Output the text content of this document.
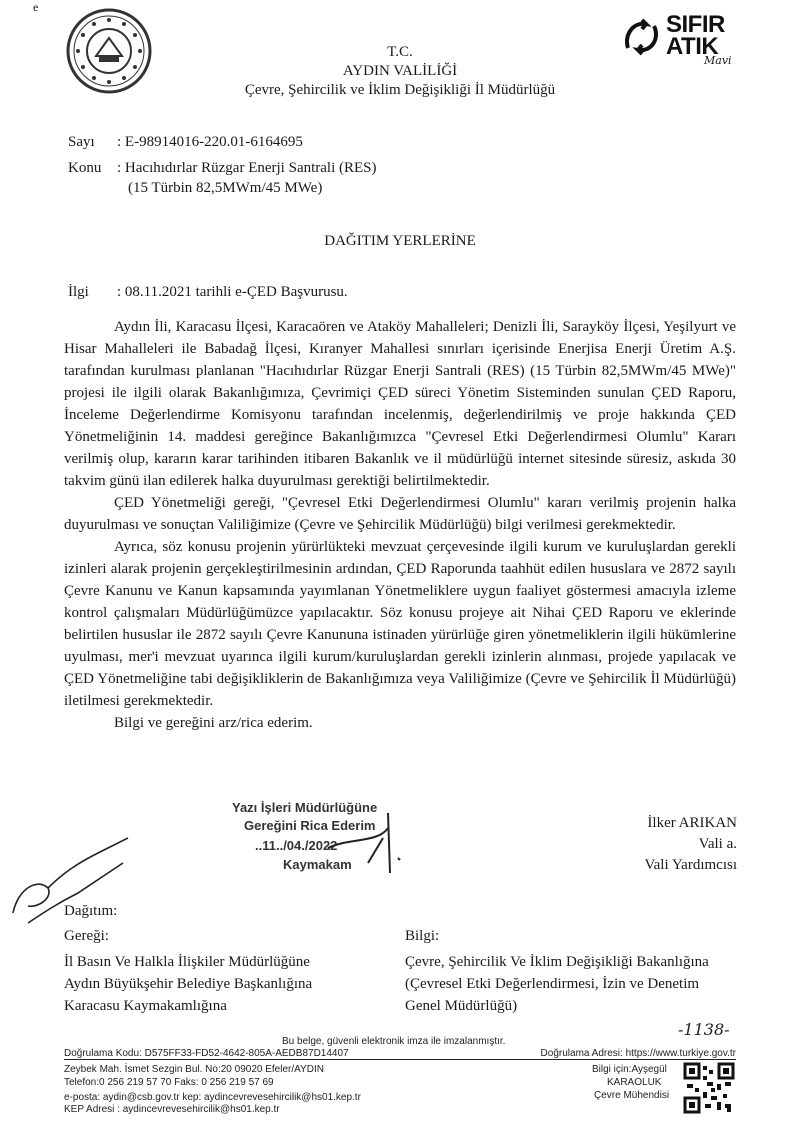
e
SIFIR
ATIK
Mavi
T.C.
AYDIN VALİLİĞİ
Çevre, Şehircilik ve İklim Değişikliği İl Müdürlüğü
Sayı : E-98914016-220.01-6164695
Konu : Hacıhıdırlar Rüzgar Enerji Santrali (RES)
(15 Türbin 82,5MWm/45 MWe)
DAĞITIM YERLERİNE
İlgi : 08.11.2021 tarihli e-ÇED Başvurusu.

Aydın İli, Karacasu İlçesi, Karacaören ve Ataköy Mahalleleri; Denizli İli, Sarayköy İlçesi, Yeşilyurt ve Hisar Mahalleleri ile Babadağ İlçesi, Kıranyer Mahallesi sınırları içerisinde Enerjisa Enerji Üretim A.Ş. tarafından kurulması planlanan "Hacıhıdırlar Rüzgar Enerji Santrali (RES) (15 Türbin 82,5MWm/45 MWe)" projesi ile ilgili olarak Bakanlığımıza, Çevrimiçi ÇED süreci Yönetim Sisteminden sunulan ÇED Raporu, İnceleme Değerlendirme Komisyonu tarafından incelenmiş, değerlendirilmiş ve proje hakkında ÇED Yönetmeliğinin 14. maddesi gereğince Bakanlığımızca "Çevresel Etki Değerlendirmesi Olumlu" Kararı verilmiş olup, kararın karar tarihinden itibaren Bakanlık ve il müdürlüğü internet sitesinde süresiz, askıda 30 takvim günü ilan edilerek halka duyurulması gerektiği belirtilmektedir.

ÇED Yönetmeliği gereği, "Çevresel Etki Değerlendirmesi Olumlu" kararı verilmiş projenin halka duyurulması ve sonuçtan Valiliğimize (Çevre ve Şehircilik Müdürlüğü) bilgi verilmesi gerekmektedir.

Ayrıca, söz konusu projenin yürürlükteki mevzuat çerçevesinde ilgili kurum ve kuruluşlardan gerekli izinleri alarak projenin gerçekleştirilmesinin ardından, ÇED Raporunda taahhüt edilen hususlara ve 2872 sayılı Çevre Kanunu ve Kanun kapsamında yayımlanan Yönetmeliklere uygun faaliyet göstermesi amacıyla izleme kontrol çalışmaları Müdürlüğümüzce yapılacaktır. Söz konusu projeye ait Nihai ÇED Raporu ve eklerinde belirtilen hususlar ile 2872 sayılı Çevre Kanununa istinaden yürürlüğe giren yönetmeliklerin ilgili hükümlerine uyulması, mer'i mevzuat uyarınca ilgili kurum/kuruluşlardan gerekli izinlerin alınması, projede yapılacak ve ÇED Yönetmeliğine tabi değişikliklerin de Bakanlığımıza veya Valiliğimize (Çevre ve Şehircilik İl Müdürlüğü) iletilmesi gerekmektedir.

Bilgi ve gereğini arz/rica ederim.

Yazı İşleri Müdürlüğüne
Gereğini Rica Ederim
..11../04./2022
Kaymakam
İlker ARIKAN
Vali a.
Vali Yardımcısı
Dağıtım:
Gereği:
İl Basın Ve Halkla İlişkiler Müdürlüğüne
Aydın Büyükşehir Belediye Başkanlığına
Karacasu Kaymakamlığına
Bilgi:
Çevre, Şehircilik Ve İklim Değişikliği Bakanlığına
(Çevresel Etki Değerlendirmesi, İzin ve Denetim
Genel Müdürlüğü)
Bu belge, güvenli elektronik imza ile imzalanmıştır.
-1138-
Doğrulama Kodu: D575FF33-FD52-4642-805A-AEDB87D14407	Doğrulama Adresi: https://www.turkiye.gov.tr
Zeybek Mah. İsmet Sezgin Bul. No:20 09020 Efeler/AYDIN
Telefon:0 256 219 57 70 Faks: 0 256 219 57 69
e-posta: aydin@csb.gov.tr kep: aydincevrevesehircilik@hs01.kep.tr
KEP Adresi : aydincevrevesehircilik@hs01.kep.tr
Bilgi için:Ayşegül
KARAOLUK
Çevre Mühendisi
